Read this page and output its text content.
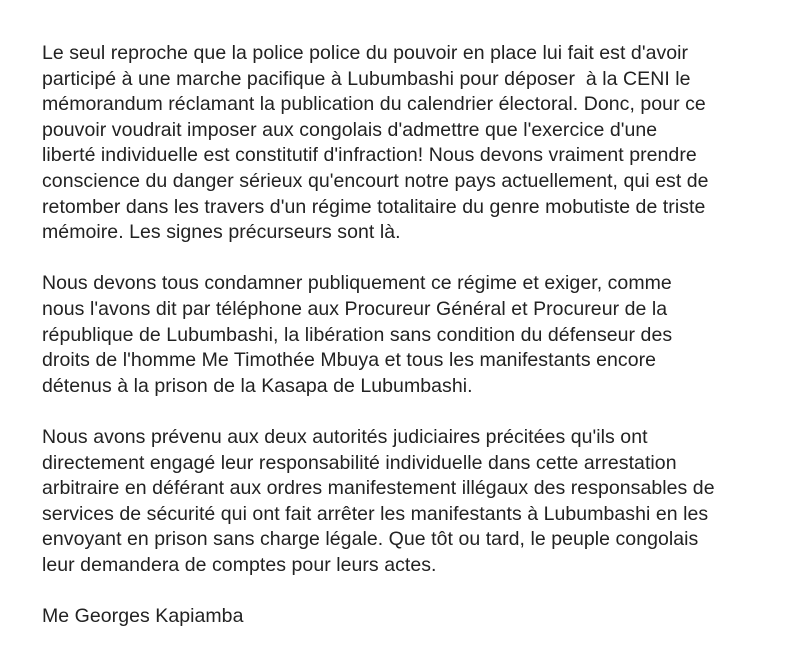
Le seul reproche que la police police du pouvoir en place lui fait est d'avoir
participé à une marche pacifique à Lubumbashi pour déposer  à la CENI le
mémorandum réclamant la publication du calendrier électoral. Donc, pour ce
pouvoir voudrait imposer aux congolais d'admettre que l'exercice d'une
liberté individuelle est constitutif d'infraction! Nous devons vraiment prendre
conscience du danger sérieux qu'encourt notre pays actuellement, qui est de
retomber dans les travers d'un régime totalitaire du genre mobutiste de triste
mémoire. Les signes précurseurs sont là.

Nous devons tous condamner publiquement ce régime et exiger, comme
nous l'avons dit par téléphone aux Procureur Général et Procureur de la
république de Lubumbashi, la libération sans condition du défenseur des
droits de l'homme Me Timothée Mbuya et tous les manifestants encore
détenus à la prison de la Kasapa de Lubumbashi.

Nous avons prévenu aux deux autorités judiciaires précitées qu'ils ont
directement engagé leur responsabilité individuelle dans cette arrestation
arbitraire en déférant aux ordres manifestement illégaux des responsables de
services de sécurité qui ont fait arrêter les manifestants à Lubumbashi en les
envoyant en prison sans charge légale. Que tôt ou tard, le peuple congolais
leur demandera de comptes pour leurs actes.

Me Georges Kapiamba
